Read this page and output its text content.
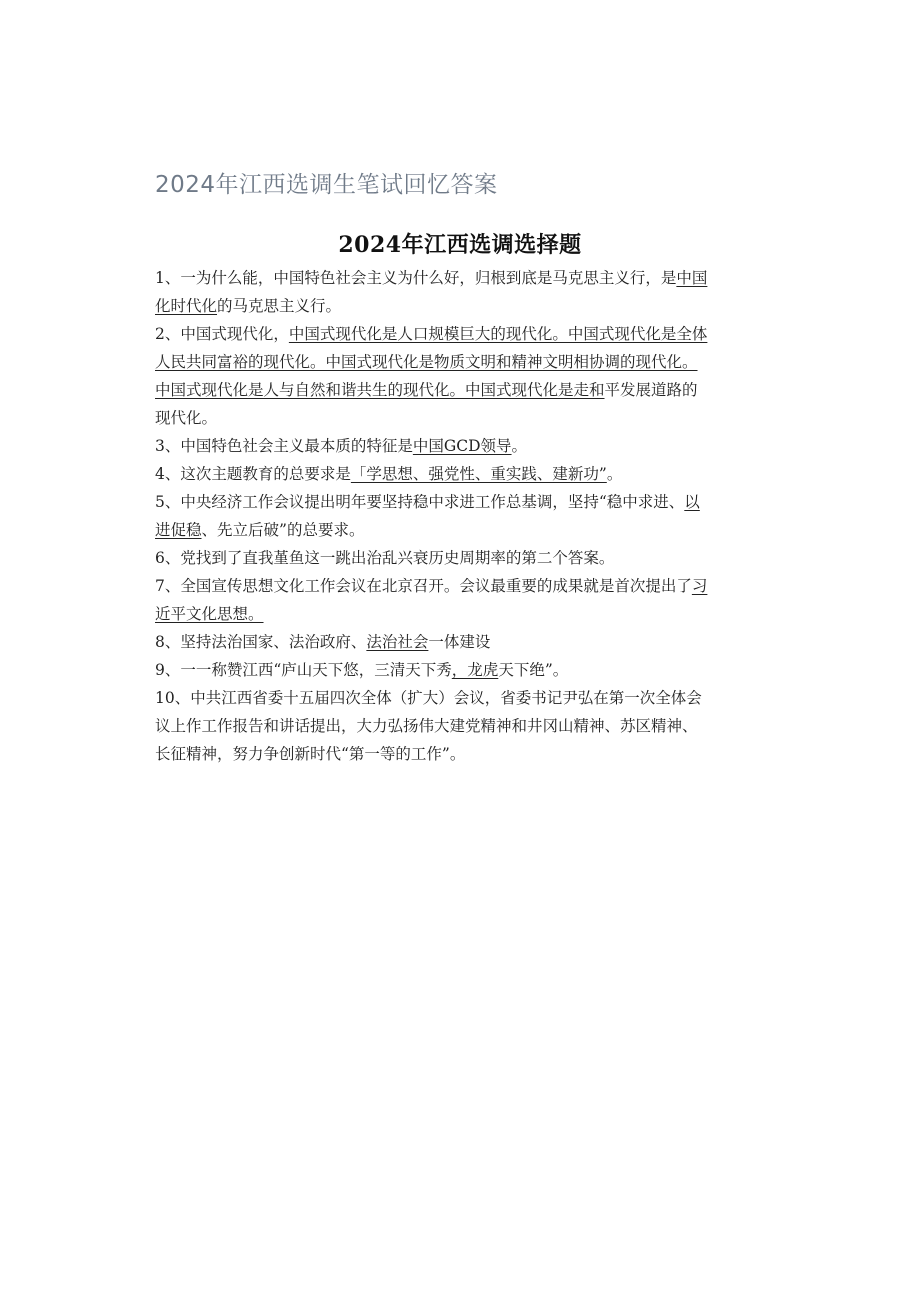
2024年江西选调生笔试回忆答案
2024年江西选调选择题

1、一为什么能，中国特色社会主义为什么好，归根到底是马克思主义行，是中国

化时代化的马克思主义行。

2、中国式现代化，中国式现代化是人口规模巨大的现代化。中国式现代化是全体

人民共同富裕的现代化。中国式现代化是物质文明和精神文明相协调的现代化。

中国式现代化是人与自然和谐共生的现代化。中国式现代化是走和平发展道路的

现代化。

3、中国特色社会主义最本质的特征是中国GCD领导。

4、这次主题教育的总要求是「学思想、强党性、重实践、建新功”。

5、中央经济工作会议提出明年要坚持稳中求进工作总基调，坚持“稳中求进、以

进促稳、先立后破”的总要求。

6、党找到了直我堇鱼这一跳出治乱兴衰历史周期率的第二个答案。

7、全国宣传思想文化工作会议在北京召开。会议最重要的成果就是首次提出了习

近平文化思想。

8、坚持法治国家、法治政府、法治社会一体建设

9、一一称赞江西“庐山天下悠，三清天下秀，龙虎天下绝”。

10、中共江西省委十五届四次全体（扩大）会议，省委书记尹弘在第一次全体会

议上作工作报告和讲话提出，大力弘扬伟大建党精神和井冈山精神、苏区精神、

长征精神，努力争创新时代“第一等的工作”。
